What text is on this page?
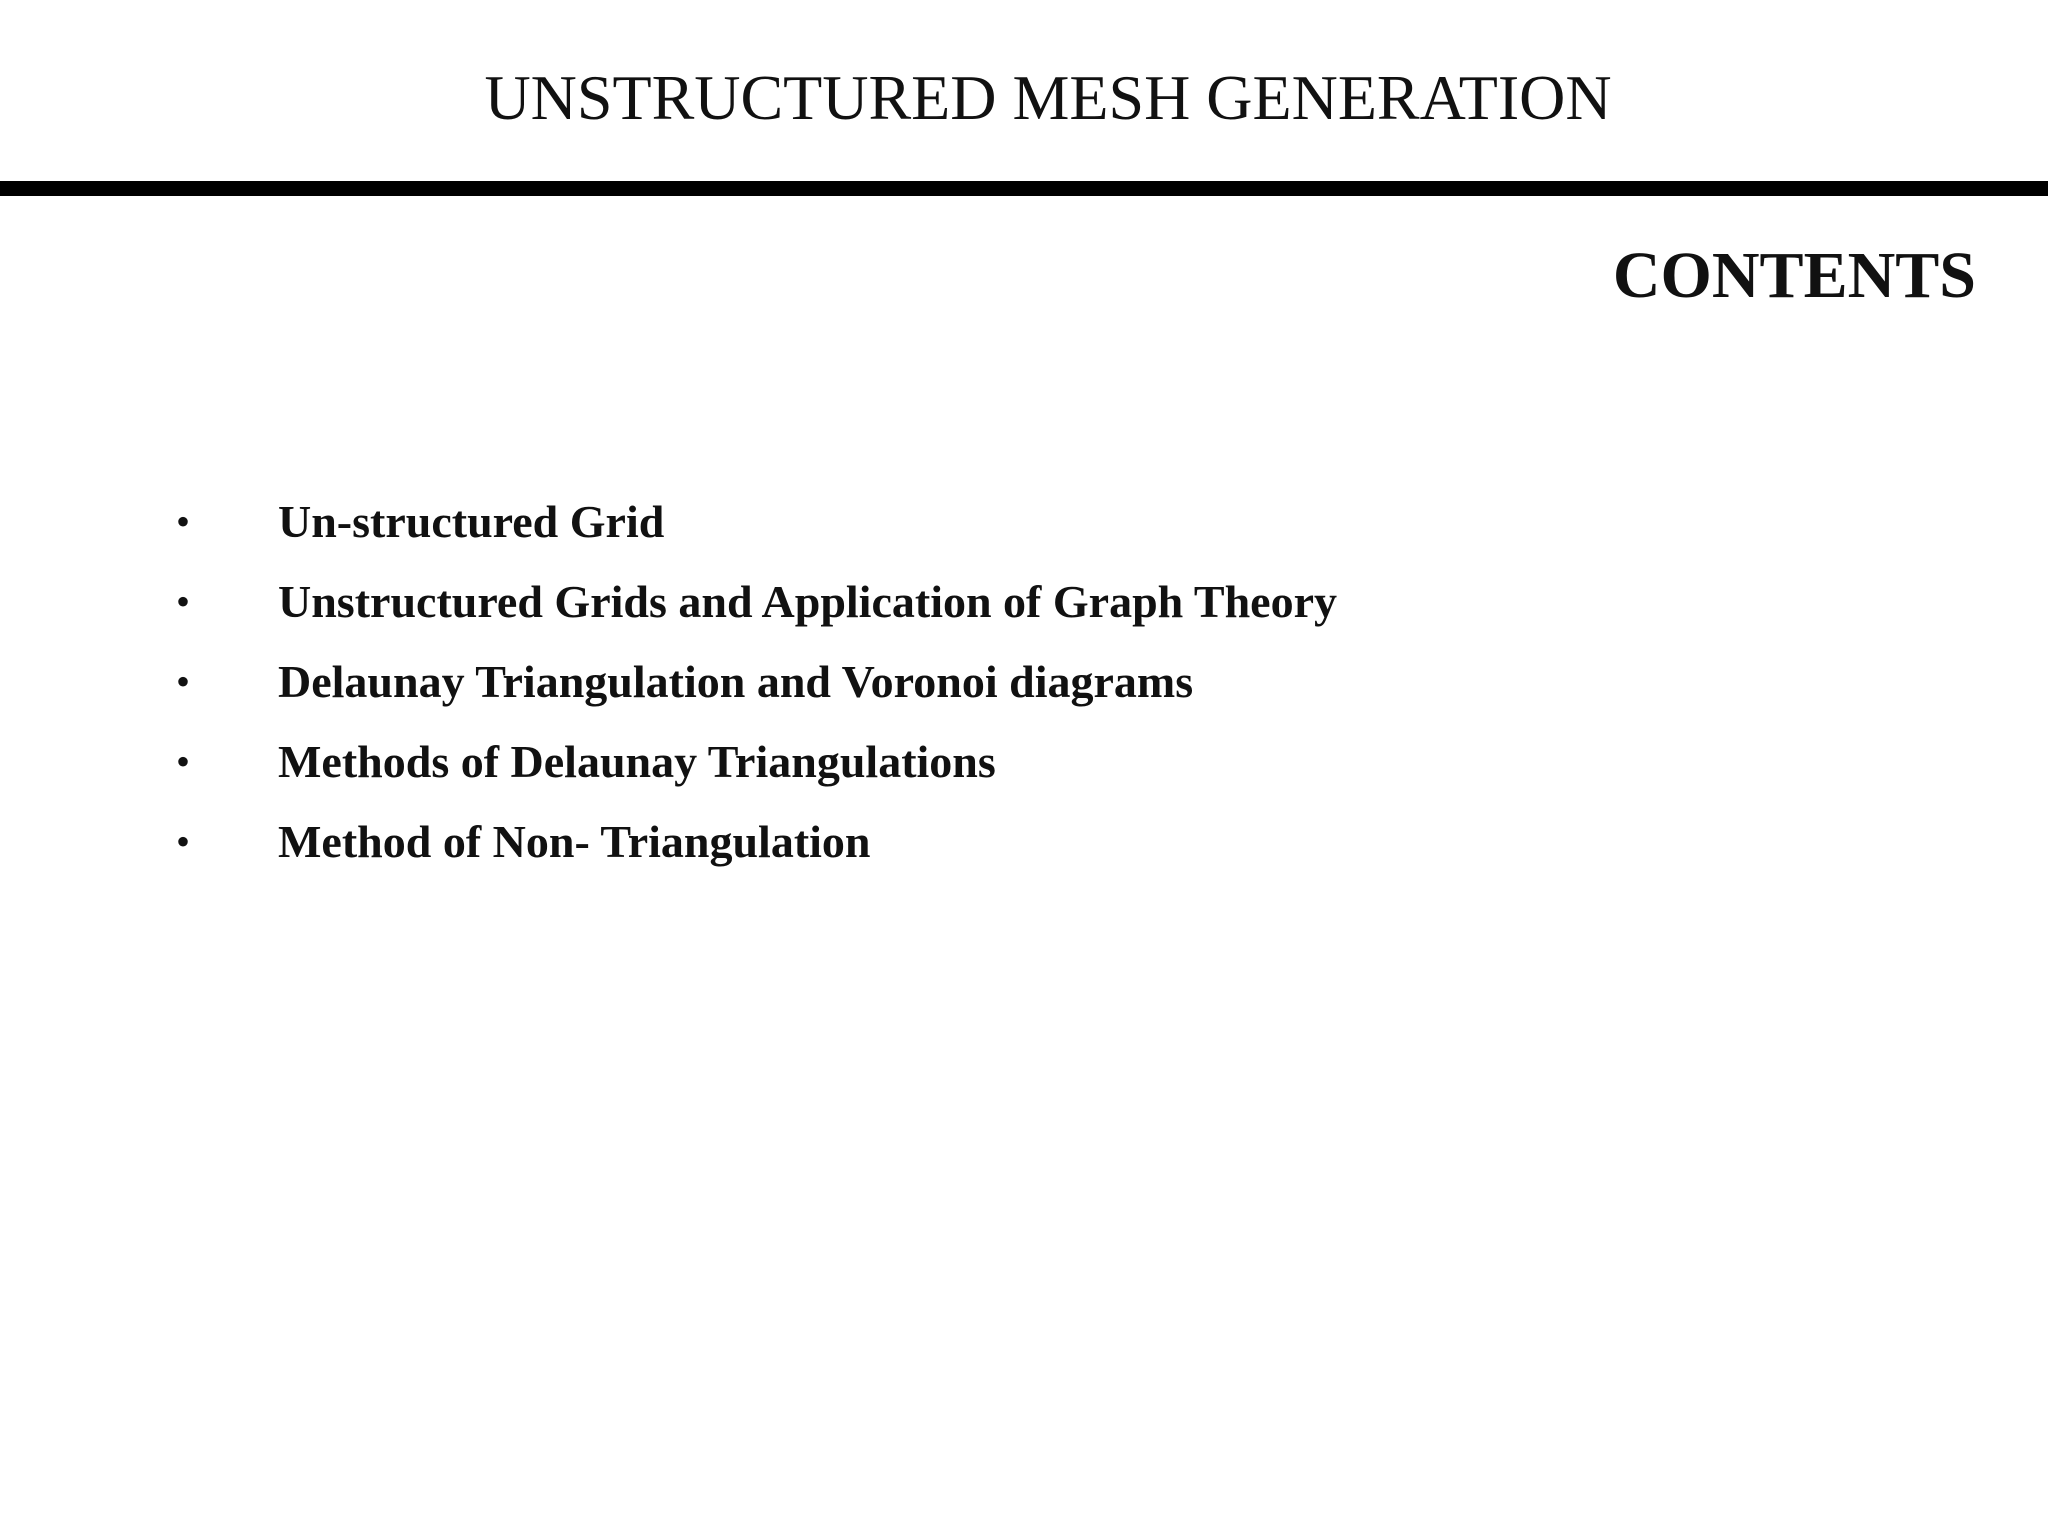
UNSTRUCTURED MESH GENERATION
CONTENTS
• Un-structured Grid
• Unstructured Grids and Application of Graph Theory
• Delaunay Triangulation and Voronoi diagrams
• Methods of Delaunay Triangulations
• Method of Non- Triangulation
